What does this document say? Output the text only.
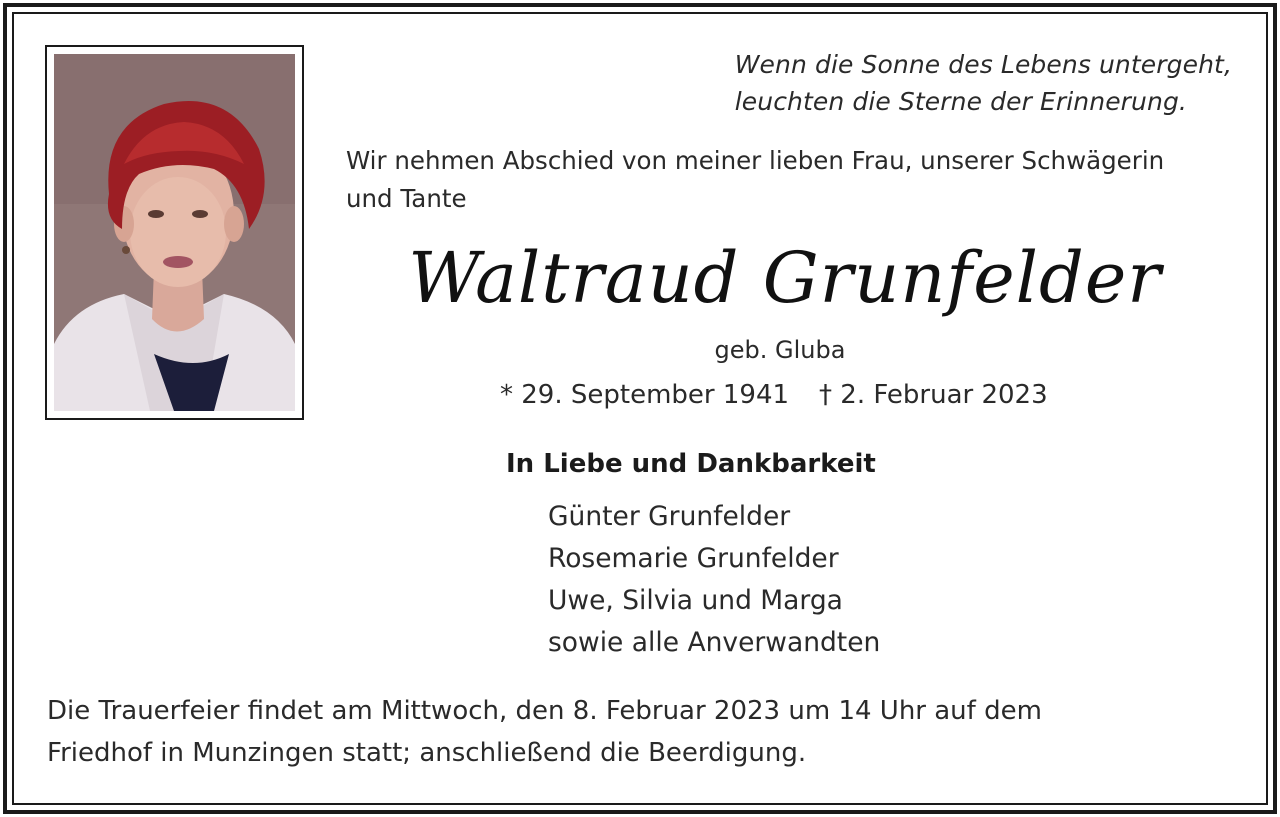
Wenn die Sonne des Lebens untergeht,
leuchten die Sterne der Erinnerung.
Wir nehmen Abschied von meiner lieben Frau, unserer Schwägerin
und Tante
Waltraud Grunfelder
geb. Gluba
* 29. September 1941 † 2. Februar 2023
In Liebe und Dankbarkeit
Günter Grunfelder
Rosemarie Grunfelder
Uwe, Silvia und Marga
sowie alle Anverwandten
Die Trauerfeier findet am Mittwoch, den 8. Februar 2023 um 14 Uhr auf dem
Friedhof in Munzingen statt; anschließend die Beerdigung.
